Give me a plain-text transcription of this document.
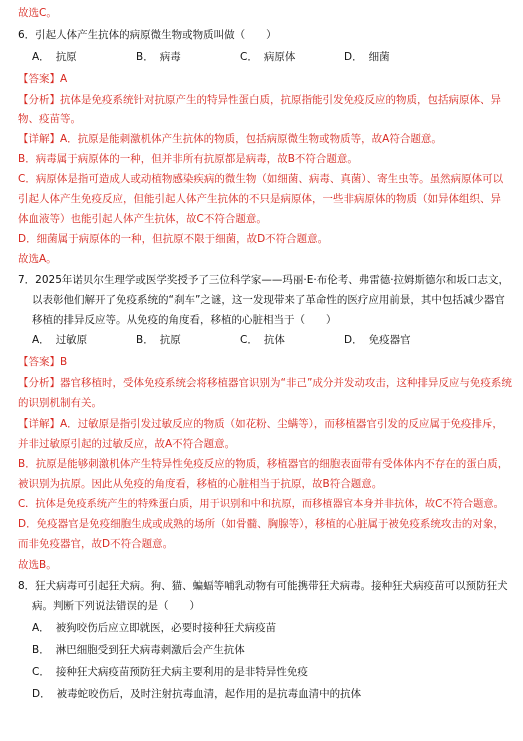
故选C。
6．引起人体产生抗体的病原微生物或物质叫做（　　）
A． 抗原	B． 病毒	C． 病原体	D． 细菌
【答案】A
【分析】抗体是免疫系统针对抗原产生的特异性蛋白质，抗原指能引发免疫反应的物质，包括病原体、异
物、疫苗等。
【详解】A．抗原是能刺激机体产生抗体的物质，包括病原微生物或物质等，故A符合题意。
B．病毒属于病原体的一种，但并非所有抗原都是病毒，故B不符合题意。
C．病原体是指可造成人或动植物感染疾病的微生物（如细菌、病毒、真菌）、寄生虫等。虽然病原体可以
引起人体产生免疫反应，但能引起人体产生抗体的不只是病原体，一些非病原体的物质（如异体组织、异
体血液等）也能引起人体产生抗体，故C不符合题意。
D．细菌属于病原体的一种，但抗原不限于细菌，故D不符合题意。
故选A。
7．2025年诺贝尔生理学或医学奖授予了三位科学家——玛丽·E·布伦考、弗雷德·拉姆斯德尔和坂口志文，
以表彰他们解开了免疫系统的“刹车”之谜，这一发现带来了革命性的医疗应用前景，其中包括减少器官
移植的排异反应等。从免疫的角度看，移植的心脏相当于（　　）
A． 过敏原	B． 抗原	C． 抗体	D． 免疫器官
【答案】B
【分析】器官移植时，受体免疫系统会将移植器官识别为“非己”成分并发动攻击，这种排异反应与免疫系统
的识别机制有关。
【详解】A．过敏原是指引发过敏反应的物质（如花粉、尘螨等），而移植器官引发的反应属于免疫排斥，
并非过敏原引起的过敏反应，故A不符合题意。
B．抗原是能够刺激机体产生特异性免疫反应的物质，移植器官的细胞表面带有受体体内不存在的蛋白质，
被识别为抗原。因此从免疫的角度看，移植的心脏相当于抗原，故B符合题意。
C．抗体是免疫系统产生的特殊蛋白质，用于识别和中和抗原，而移植器官本身并非抗体，故C不符合题意。
D．免疫器官是免疫细胞生成或成熟的场所（如骨髓、胸腺等），移植的心脏属于被免疫系统攻击的对象，
而非免疫器官，故D不符合题意。
故选B。
8．狂犬病毒可引起狂犬病。狗、猫、蝙蝠等哺乳动物有可能携带狂犬病毒。接种狂犬病疫苗可以预防狂犬
病。判断下列说法错误的是（　　）
A． 被狗咬伤后应立即就医，必要时接种狂犬病疫苗
B． 淋巴细胞受到狂犬病毒刺激后会产生抗体
C． 接种狂犬病疫苗预防狂犬病主要利用的是非特异性免疫
D． 被毒蛇咬伤后，及时注射抗毒血清，起作用的是抗毒血清中的抗体
